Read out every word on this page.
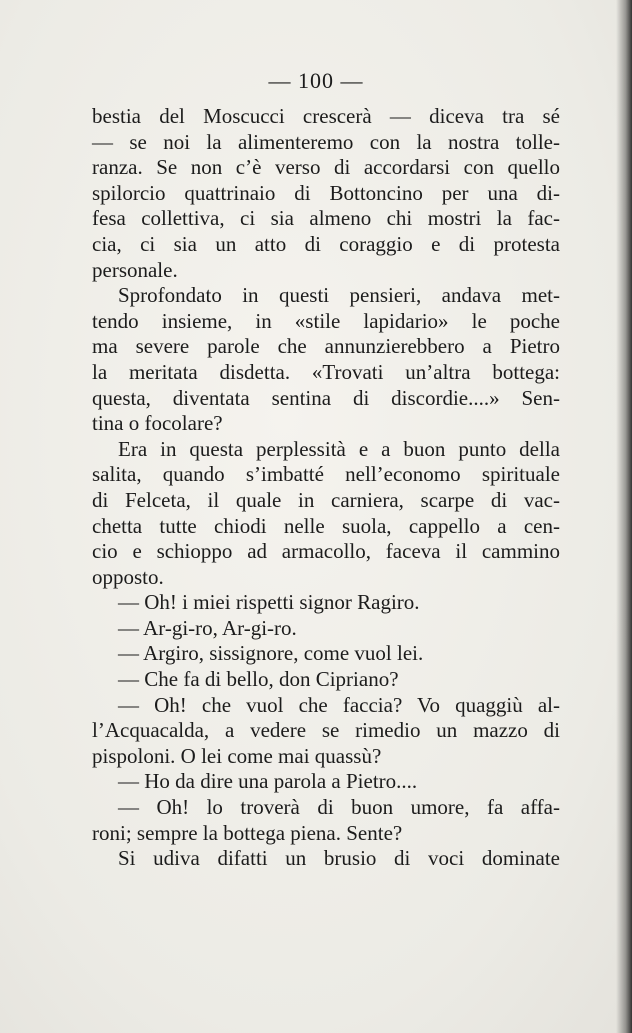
— 100 —
bestia del Moscucci crescerà — diceva tra sé
— se noi la alimenteremo con la nostra tolle-
ranza. Se non c’è verso di accordarsi con quello
spilorcio quattrinaio di Bottoncino per una di-
fesa collettiva, ci sia almeno chi mostri la fac-
cia, ci sia un atto di coraggio e di protesta
personale.
Sprofondato in questi pensieri, andava met-
tendo insieme, in «stile lapidario» le poche
ma severe parole che annunzierebbero a Pietro
la meritata disdetta. «Trovati un’altra bottega:
questa, diventata sentina di discordie....» Sen-
tina o focolare?
Era in questa perplessità e a buon punto della
salita, quando s’imbatté nell’economo spirituale
di Felceta, il quale in carniera, scarpe di vac-
chetta tutte chiodi nelle suola, cappello a cen-
cio e schioppo ad armacollo, faceva il cammino
opposto.
— Oh! i miei rispetti signor Ragiro.
— Ar-gi-ro, Ar-gi-ro.
— Argiro, sissignore, come vuol lei.
— Che fa di bello, don Cipriano?
— Oh! che vuol che faccia? Vo quaggiù al-
l’Acquacalda, a vedere se rimedio un mazzo di
pispoloni. O lei come mai quassù?
— Ho da dire una parola a Pietro....
— Oh! lo troverà di buon umore, fa affa-
roni; sempre la bottega piena. Sente?
Si udiva difatti un brusio di voci dominate
